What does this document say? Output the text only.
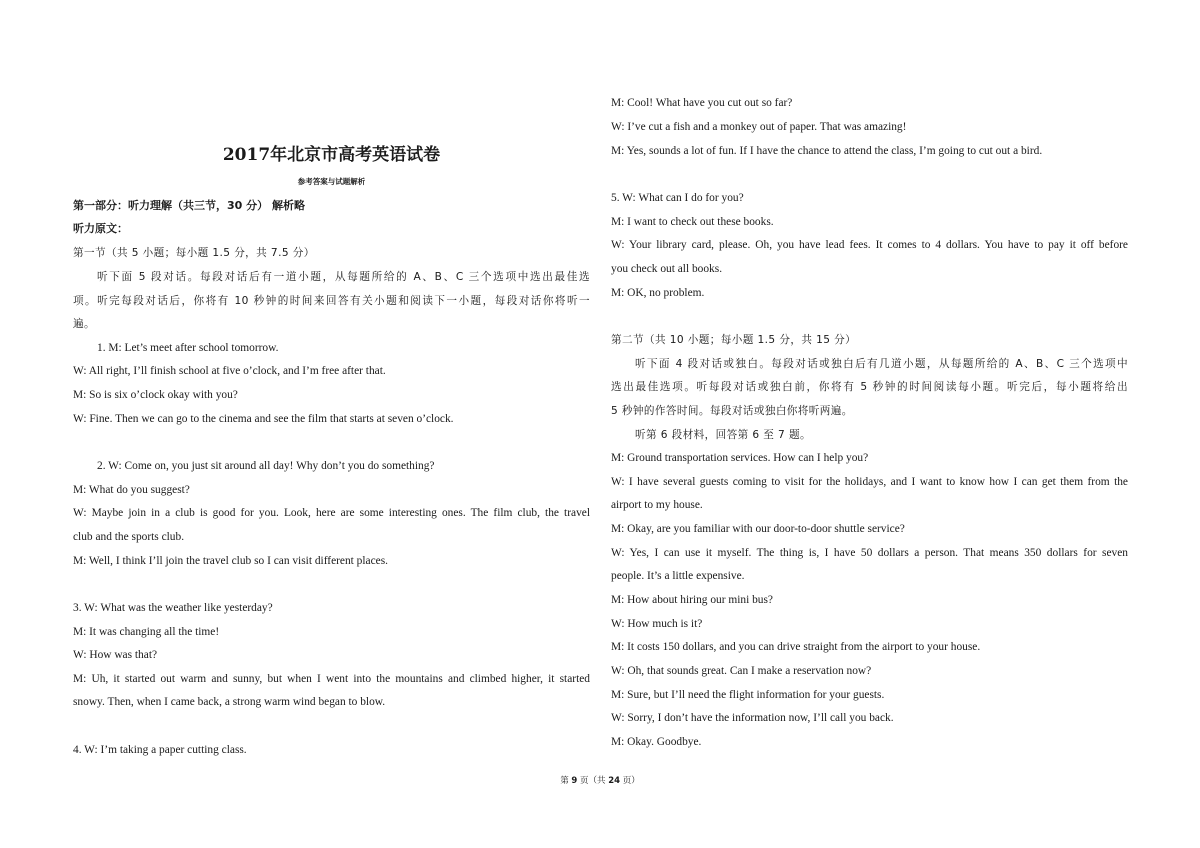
2017年北京市高考英语试卷
参考答案与试题解析
第一部分：听力理解（共三节，30 分） 解析略
听力原文：
第一节（共 5 小题；每小题 1.5 分，共 7.5 分）
听下面 5 段对话。每段对话后有一道小题，从每题所给的 A、B、C 三个选项中选出最佳选
项。听完每段对话后，你将有 10 秒钟的时间来回答有关小题和阅读下一小题，每段对话你将听一
遍。
1. M: Let’s meet after school tomorrow.
W: All right, I’ll finish school at five o’clock, and I’m free after that.
M: So is six o’clock okay with you?
W: Fine. Then we can go to the cinema and see the film that starts at seven o’clock.
2. W: Come on, you just sit around all day! Why don’t you do something?
M: What do you suggest?
W: Maybe join in a club is good for you. Look, here are some interesting ones. The film club, the travel
club and the sports club.
M: Well, I think I’ll join the travel club so I can visit different places.
3. W: What was the weather like yesterday?
M: It was changing all the time!
W: How was that?
M: Uh, it started out warm and sunny, but when I went into the mountains and climbed higher, it started
snowy. Then, when I came back, a strong warm wind began to blow.
4. W: I’m taking a paper cutting class.
M: Cool! What have you cut out so far?
W: I’ve cut a fish and a monkey out of paper. That was amazing!
M: Yes, sounds a lot of fun. If I have the chance to attend the class, I’m going to cut out a bird.
5. W: What can I do for you?
M: I want to check out these books.
W: Your library card, please. Oh, you have lead fees. It comes to 4 dollars. You have to pay it off before
you check out all books.
M: OK, no problem.
第二节（共 10 小题；每小题 1.5 分，共 15 分）
听下面 4 段对话或独白。每段对话或独白后有几道小题，从每题所给的 A、B、C 三个选项中
选出最佳选项。听每段对话或独白前，你将有 5 秒钟的时间阅读每小题。听完后，每小题将给出
5 秒钟的作答时间。每段对话或独白你将听两遍。
听第 6 段材料，回答第 6 至 7 题。
M: Ground transportation services. How can I help you?
W: I have several guests coming to visit for the holidays, and I want to know how I can get them from the
airport to my house.
M: Okay, are you familiar with our door-to-door shuttle service?
W: Yes, I can use it myself. The thing is, I have 50 dollars a person. That means 350 dollars for seven
people. It’s a little expensive.
M: How about hiring our mini bus?
W: How much is it?
M: It costs 150 dollars, and you can drive straight from the airport to your house.
W: Oh, that sounds great. Can I make a reservation now?
M: Sure, but I’ll need the flight information for your guests.
W: Sorry, I don’t have the information now, I’ll call you back.
M: Okay. Goodbye.
第 9 页（共 24 页）
